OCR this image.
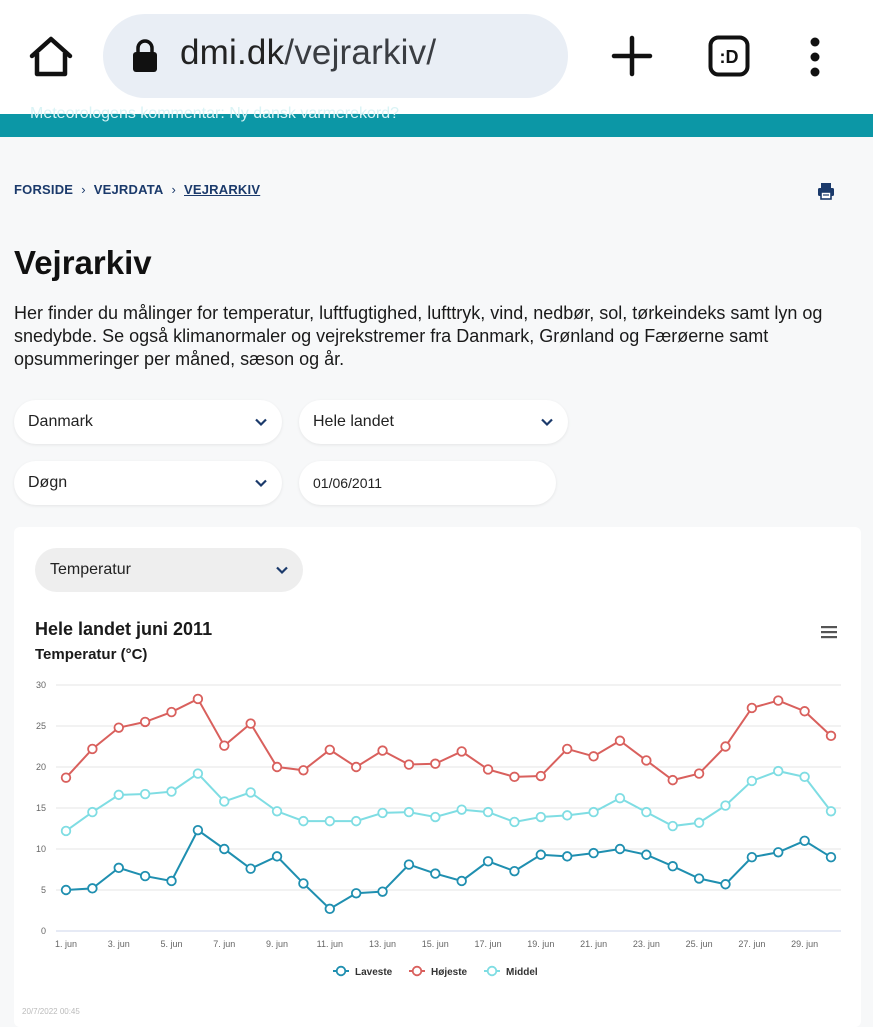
dmi.dk/vejrarkiv/	:D
Meteorologens kommentar: Ny dansk varmerekord?
FORSIDE › VEJRDATA › VEJRARKIV
Vejrarkiv

Her finder du målinger for temperatur, luftfugtighed, lufttryk, vind, nedbør, sol, tørkeindeks samt lyn og snedybde. Se også klimanormaler og vejrekstremer fra Danmark, Grønland og Færøerne samt opsummeringer per måned, sæson og år.

Danmark	Hele landet
Døgn	01/06/2011
Temperatur
Hele landet juni 2011
Temperatur (°C)
0
5
10
15
20
25
30
1. jun	3. jun	5. jun	7. jun	9. jun	11. jun	13. jun	15. jun	17. jun	19. jun	21. jun	23. jun	25. jun	27. jun	29. jun
Laveste	Højeste	Middel
20/7/2022 00:45
